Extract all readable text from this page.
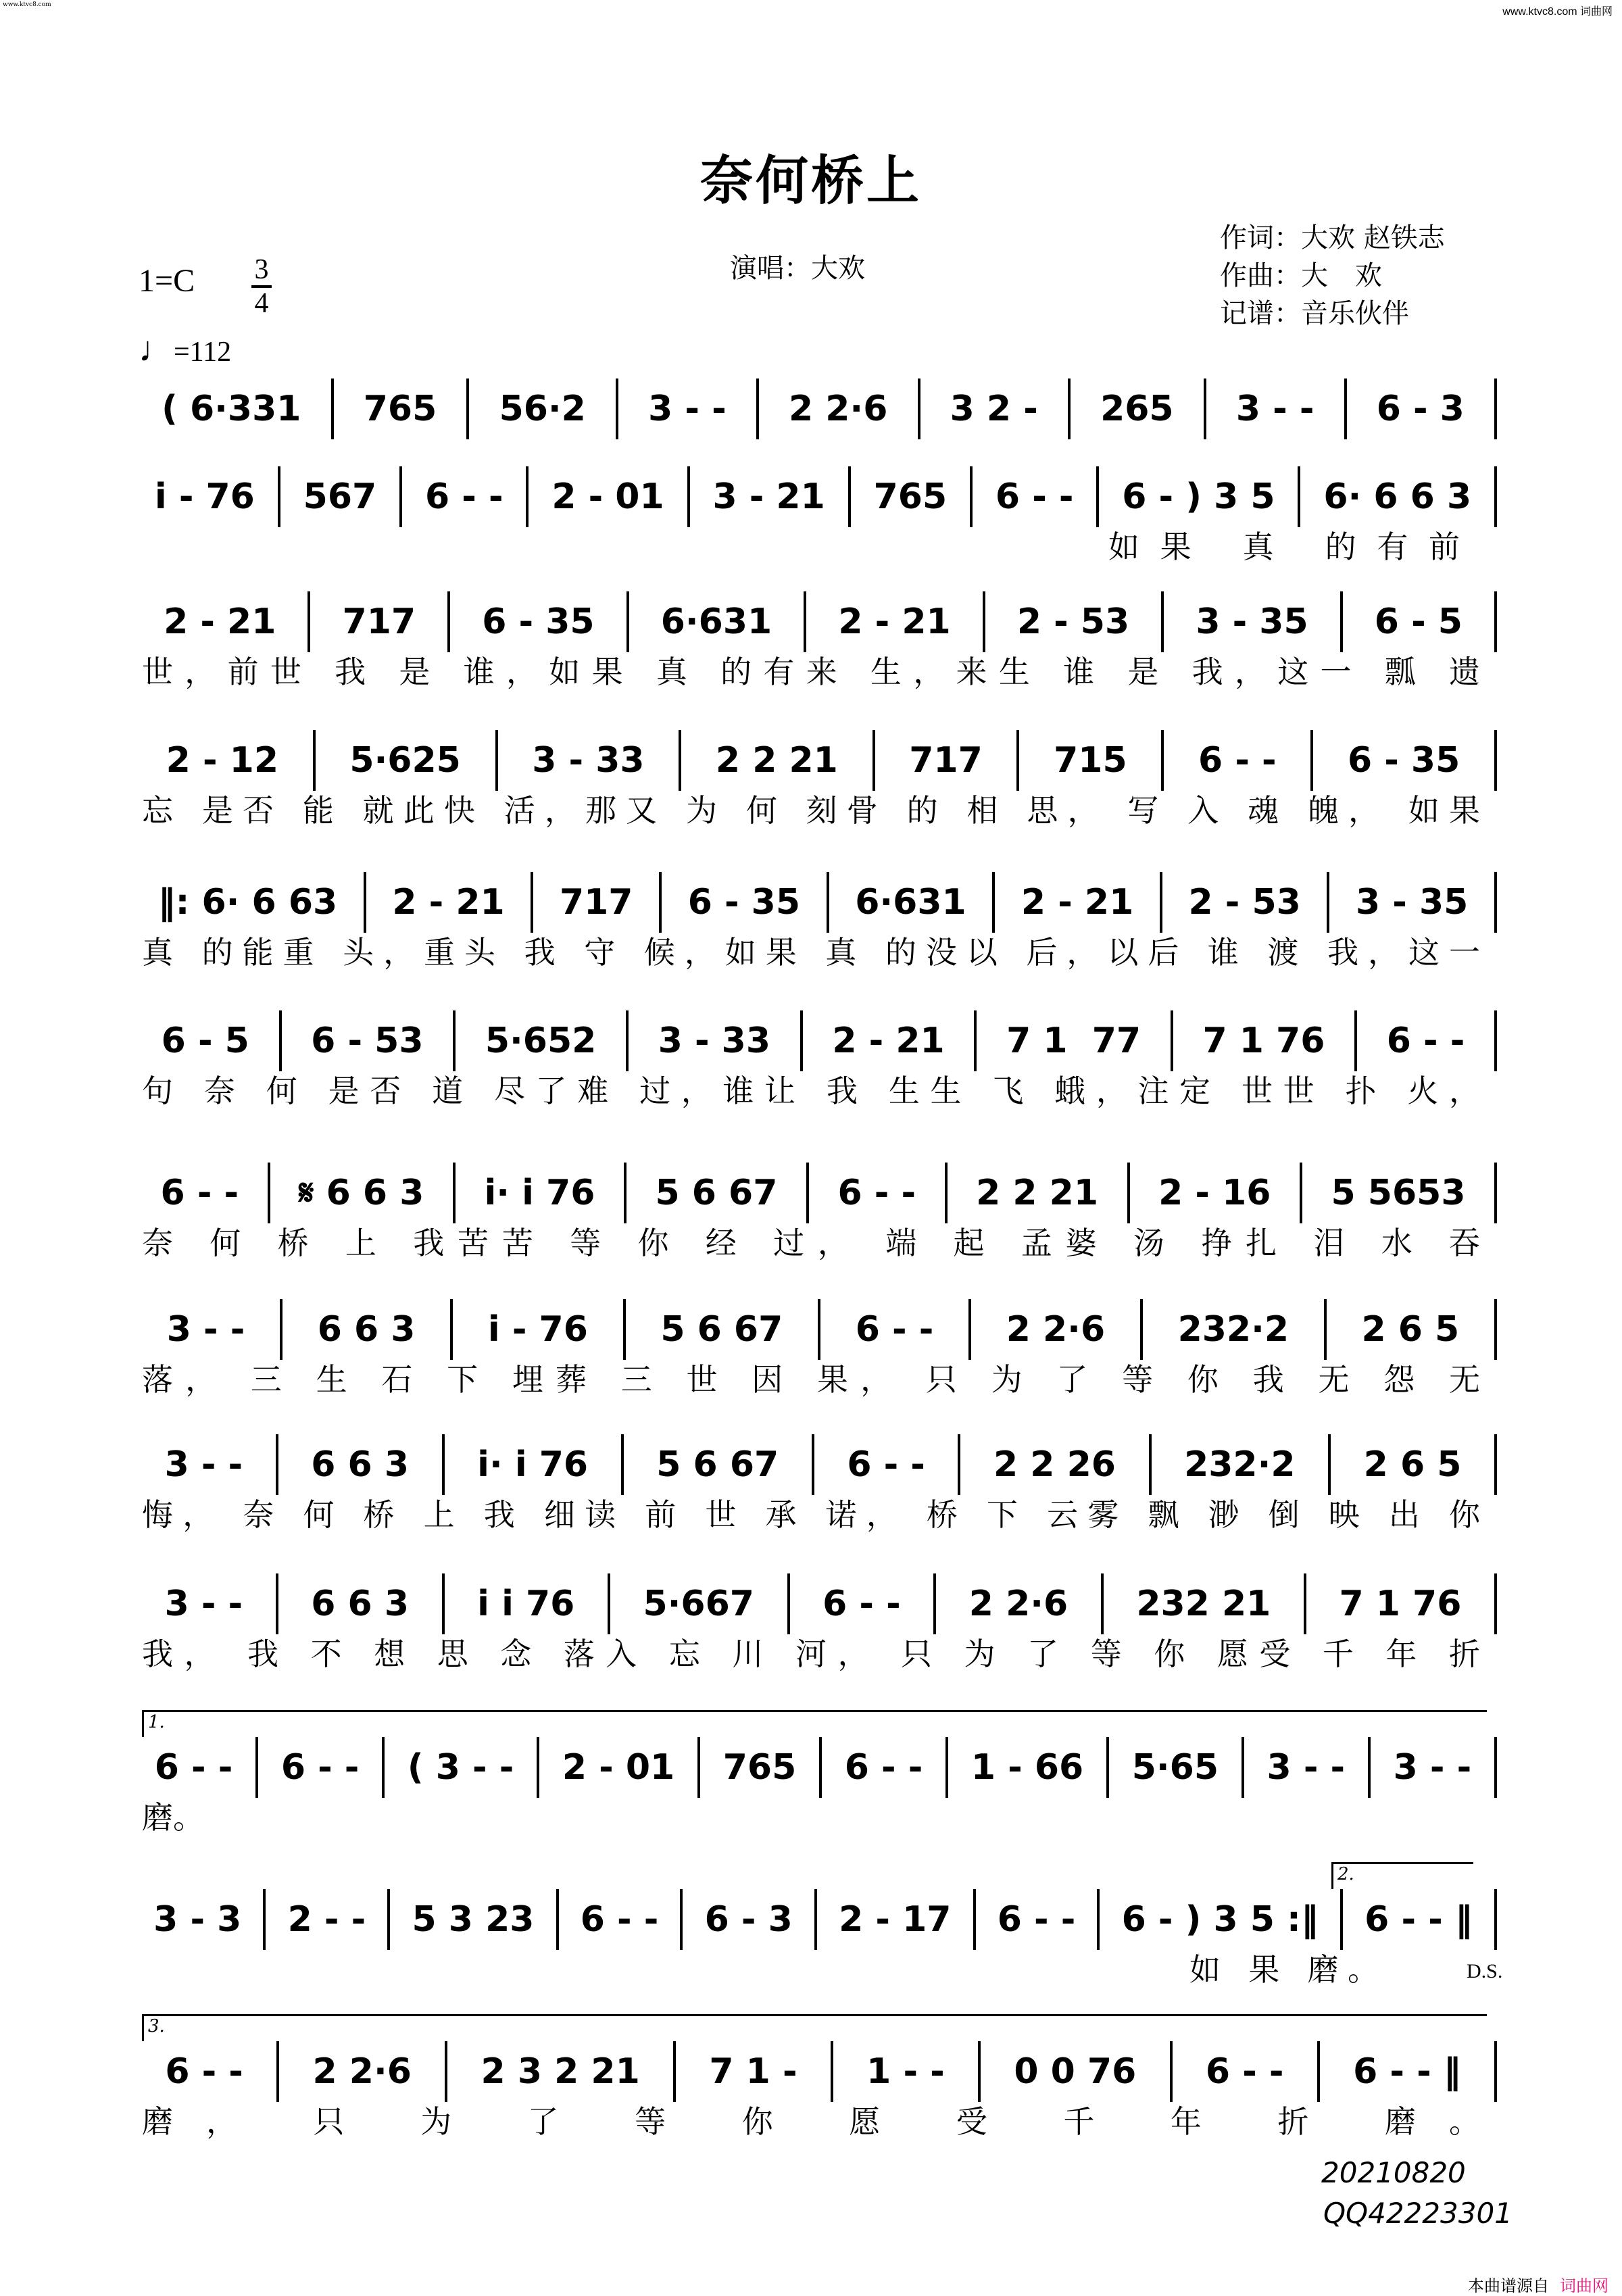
www.ktvc8.com
www.ktvc8.com 词曲网
奈何桥上
演唱：大欢
作词：大欢 赵铁志
作曲：大　欢
记谱：音乐伙伴
1=C 3
4
♩=112
( 6·331	765	56·2	3 - -	2 2·6	3 2 -	265	3 - -	6 - 3
i - 76	567	6 - -	2 - 01	3 - 21	765	6 - -	6 - ) 3 5	6· 6 6 3
如果 真 的有前
2 - 21	717	6 - 35	6·631	2 - 21	2 - 53	3 - 35	6 - 5
世，前世 我 是 谁，如果 真 的有来 生，来生 谁 是 我，这一 瓢 遗
2 - 12	5·625	3 - 33	2 2 21	717	715	6 - -	6 - 35
忘 是否 能 就此快 活，那又 为 何 刻骨 的 相 思， 写 入 魂 魄， 如果
‖: 6· 6 63	2 - 21	717	6 - 35	6·631	2 - 21	2 - 53	3 - 35
真 的能重 头，重头 我 守 候，如果 真 的没以 后，以后 谁 渡 我，这一
6 - 5	6 - 53	5·652	3 - 33	2 - 21	7 1  77	7 1 76	6 - -
句 奈 何 是否 道 尽了难 过，谁让 我 生生 飞 蛾，注定 世世 扑 火，
6 - -	𝄋 6 6 3	i· i 76	5 6 67	6 - -	2 2 21	2 - 16	5 5653
奈 何 桥 上 我苦苦 等 你 经 过， 端 起 孟婆 汤 挣扎 泪 水 吞
3 - -	6 6 3	i - 76	5 6 67	6 - -	2 2·6	232·2	2 6 5
落， 三 生 石 下 埋葬 三 世 因 果， 只 为 了 等 你 我 无 怨 无
3 - -	6 6 3	i· i 76	5 6 67	6 - -	2 2 26	232·2	2 6 5
悔， 奈 何 桥 上 我 细读 前 世 承 诺， 桥 下 云雾 飘 渺 倒 映 出 你
3 - -	6 6 3	i i 76	5·667	6 - -	2 2·6	232 21	7 1 76
我， 我 不 想 思 念 落入 忘 川 河， 只 为 了 等 你 愿受 千 年 折
6 - -	6 - -	( 3 - -	2 - 01	765	6 - -	1 - 66	5·65	3 - -	3 - -
磨。
1.
3 - 3	2 - -	5 3 23	6 - -	6 - 3	2 - 17	6 - -	6 - ) 3 5 :‖	6 - - ‖
如 果 磨。
2.
6 - -	2 2·6	2 3 2 21	7 1 -	1 - -	0 0 76	6 - -	6 - - ‖
磨， 只 为 了 等 你 愿 受 千 年 折 磨。
3.
D.S.
20210820
QQ42223301
本曲谱源自 词曲网
